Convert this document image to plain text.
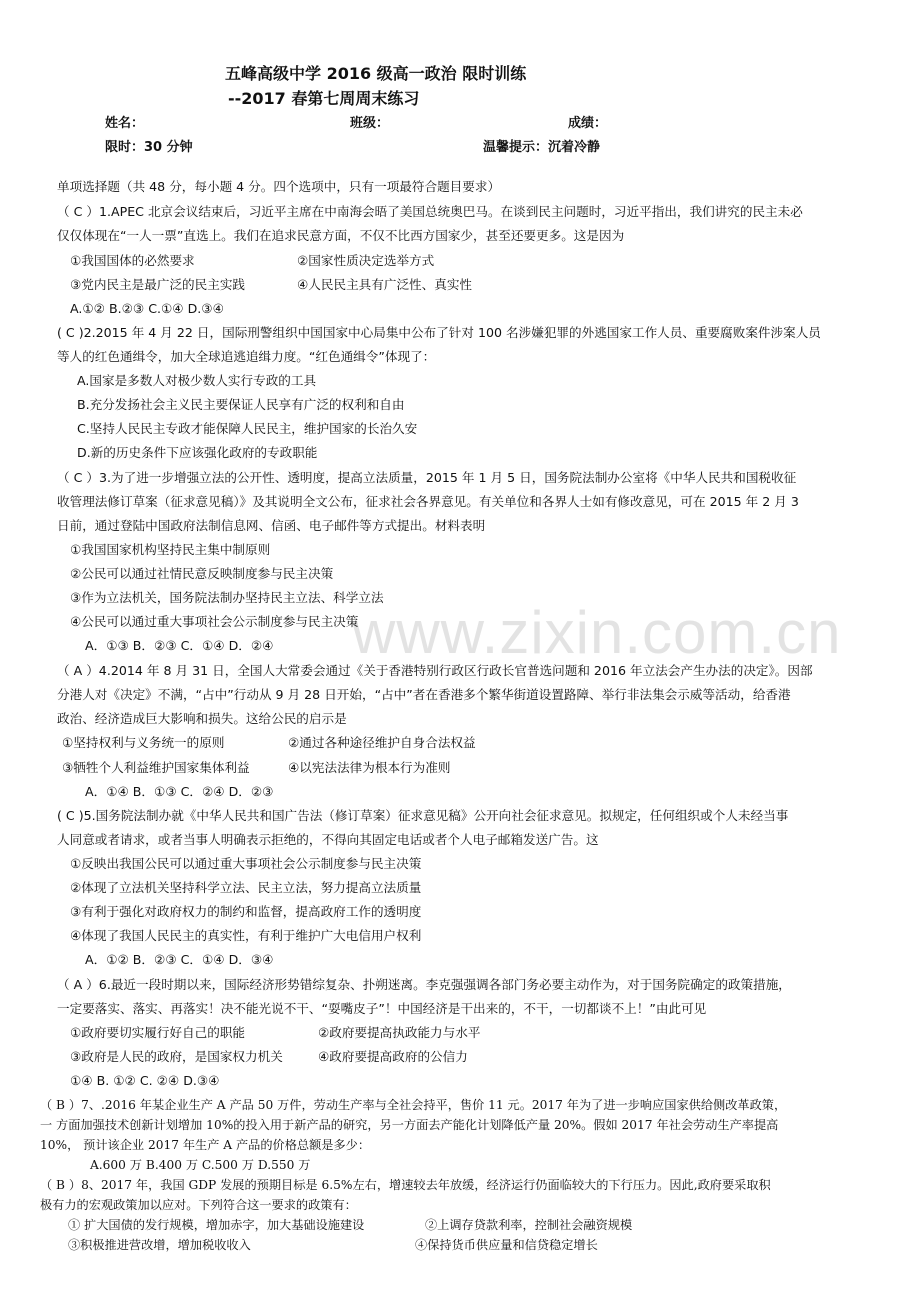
五峰高级中学 2016 级高一政治 限时训练
--2017 春第七周周末练习
姓名：	班级：	成绩：
限时：30 分钟	温馨提示：沉着冷静
www.zixin.com.cn
单项选择题（共 48 分，每小题 4 分。四个选项中，只有一项最符合题目要求）
（ C ）1.APEC 北京会议结束后，习近平主席在中南海会晤了美国总统奥巴马。在谈到民主问题时，习近平指出，我们讲究的民主未必
仅仅体现在“一人一票”直选上。我们在追求民意方面，不仅不比西方国家少，甚至还要更多。这是因为
①我国国体的必然要求	②国家性质决定选举方式
③党内民主是最广泛的民主实践	④人民民主具有广泛性、真实性
A.①② B.②③ C.①④ D.③④
( C )2.2015 年 4 月 22 日，国际刑警组织中国国家中心局集中公布了针对 100 名涉嫌犯罪的外逃国家工作人员、重要腐败案件涉案人员
等人的红色通缉令，加大全球追逃追缉力度。“红色通缉令”体现了：
A.国家是多数人对极少数人实行专政的工具
B.充分发扬社会主义民主要保证人民享有广泛的权利和自由
C.坚持人民民主专政才能保障人民民主，维护国家的长治久安
D.新的历史条件下应该强化政府的专政职能
（ C ）3.为了进一步增强立法的公开性、透明度，提高立法质量，2015 年 1 月 5 日，国务院法制办公室将《中华人民共和国税收征
收管理法修订草案（征求意见稿）》及其说明全文公布，征求社会各界意见。有关单位和各界人士如有修改意见，可在 2015 年 2 月 3
日前，通过登陆中国政府法制信息网、信函、电子邮件等方式提出。材料表明
①我国国家机构坚持民主集中制原则
②公民可以通过社情民意反映制度参与民主决策
③作为立法机关，国务院法制办坚持民主立法、科学立法
④公民可以通过重大事项社会公示制度参与民主决策
A．①③ B．②③ C．①④ D．②④
（ A ）4.2014 年 8 月 31 日，全国人大常委会通过《关于香港特别行政区行政长官普选问题和 2016 年立法会产生办法的决定》。因部
分港人对《决定》不满，“占中”行动从 9 月 28 日开始，“占中”者在香港多个繁华街道设置路障、举行非法集会示威等活动，给香港
政治、经济造成巨大影响和损失。这给公民的启示是
①坚持权利与义务统一的原则	②通过各种途径维护自身合法权益
③牺牲个人利益维护国家集体利益	④以宪法法律为根本行为准则
A．①④ B．①③ C．②④ D．②③
( C )5.国务院法制办就《中华人民共和国广告法（修订草案）征求意见稿》公开向社会征求意见。拟规定，任何组织或个人未经当事
人同意或者请求，或者当事人明确表示拒绝的，不得向其固定电话或者个人电子邮箱发送广告。这
①反映出我国公民可以通过重大事项社会公示制度参与民主决策
②体现了立法机关坚持科学立法、民主立法，努力提高立法质量
③有利于强化对政府权力的制约和监督，提高政府工作的透明度
④体现了我国人民民主的真实性，有利于维护广大电信用户权利
A．①② B．②③ C．①④ D．③④
（ A ）6.最近一段时期以来，国际经济形势错综复杂、扑朔迷离。李克强强调各部门务必要主动作为，对于国务院确定的政策措施，
一定要落实、落实、再落实！决不能光说不干、“耍嘴皮子”！中国经济是干出来的，不干，一切都谈不上！”由此可见
①政府要切实履行好自己的职能	②政府要提高执政能力与水平
③政府是人民的政府，是国家权力机关	④政府要提高政府的公信力
①④ B. ①② C. ②④ D.③④
（ B ）7、.2016 年某企业生产 A 产品 50 万件，劳动生产率与全社会持平，售价 11 元。2017 年为了进一步响应国家供给侧改革政策，
一 方面加强技术创新计划增加 10%的投入用于新产品的研究，另一方面去产能化计划降低产量 20%。假如 2017 年社会劳动生产率提高
10%， 预计该企业 2017 年生产 A 产品的价格总额是多少：
A.600 万 B.400 万 C.500 万 D.550 万
（ B ）8、2017 年，我国 GDP 发展的预期目标是 6.5%左右，增速较去年放缓，经济运行仍面临较大的下行压力。因此,政府要采取积
极有力的宏观政策加以应对。下列符合这一要求的政策有：
① 扩大国债的发行规模，增加赤字，加大基础设施建设	②上调存贷款利率，控制社会融资规模
③积极推进营改增，增加税收收入	④保持货币供应量和信贷稳定增长
